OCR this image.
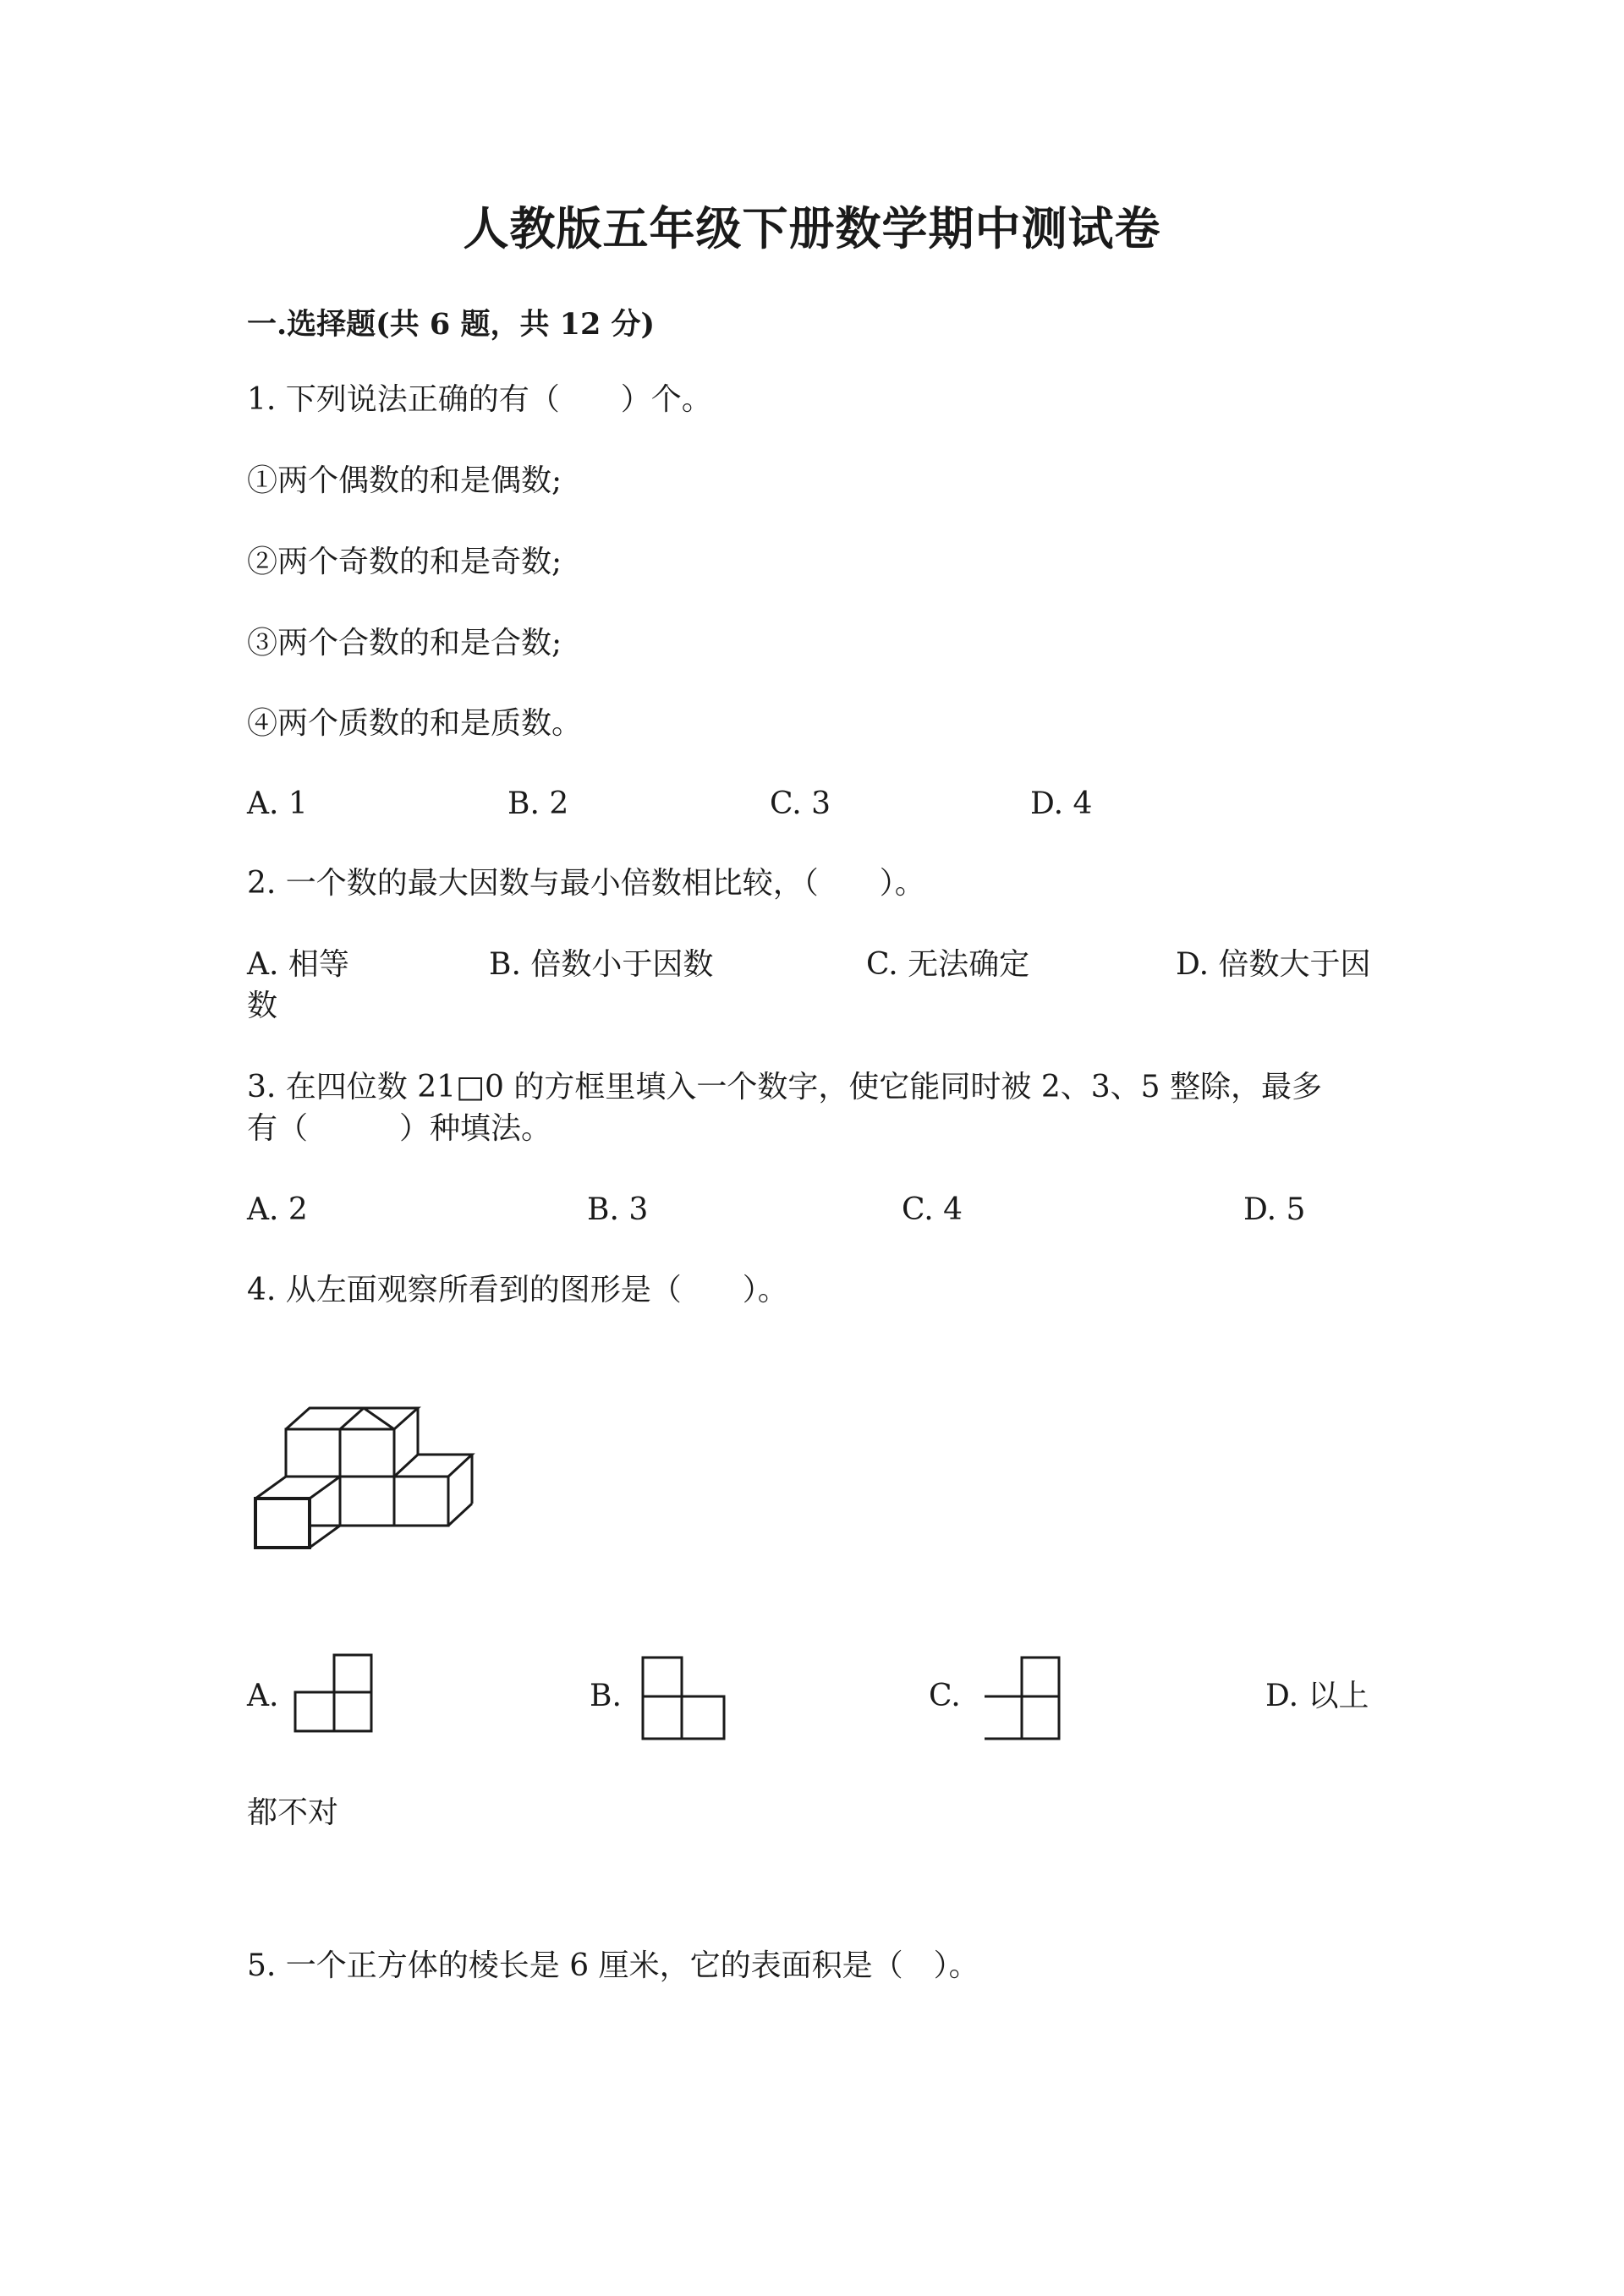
人教版五年级下册数学期中测试卷
一.选择题(共 6 题，共 12 分)
1. 下列说法正确的有（　　）个。
①两个偶数的和是偶数;
②两个奇数的和是奇数;
③两个合数的和是合数;
④两个质数的和是质数。
A. 1	B. 2	C. 3	D. 4
2. 一个数的最大因数与最小倍数相比较，（　　）。
A. 相等	B. 倍数小于因数	C. 无法确定	D. 倍数大于因
数
3. 在四位数 21□0 的方框里填入一个数字，使它能同时被 2、3、5 整除，最多
有（　　　）种填法。
A. 2	B. 3	C. 4	D. 5
4. 从左面观察所看到的图形是（　　）。
A.	B.	C.	D. 以上
都不对
5. 一个正方体的棱长是 6 厘米，它的表面积是（　）。
